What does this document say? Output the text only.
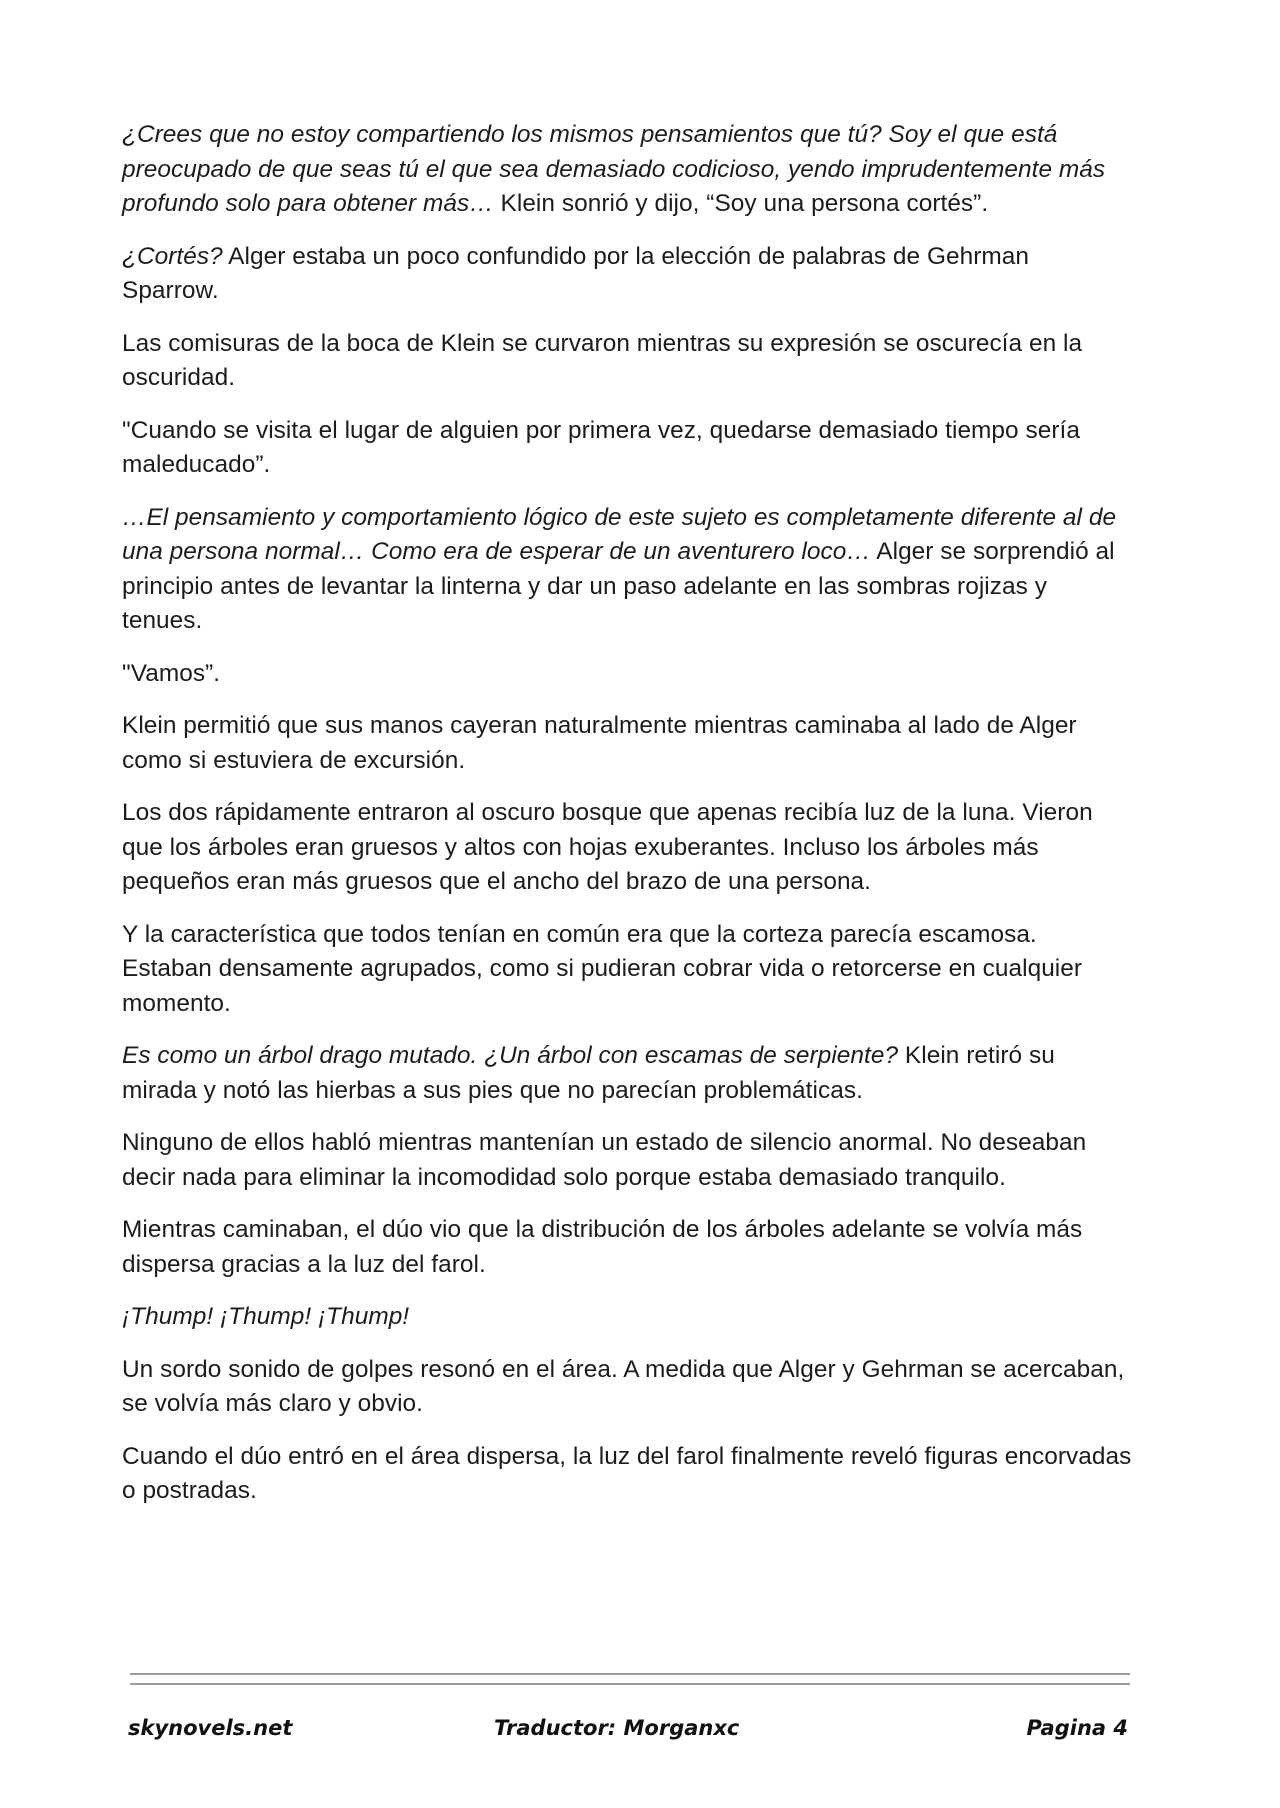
¿Crees que no estoy compartiendo los mismos pensamientos que tú? Soy el que está preocupado de que seas tú el que sea demasiado codicioso, yendo imprudentemente más profundo solo para obtener más… Klein sonrió y dijo, “Soy una persona cortés”.

¿Cortés? Alger estaba un poco confundido por la elección de palabras de Gehrman Sparrow.

Las comisuras de la boca de Klein se curvaron mientras su expresión se oscurecía en la oscuridad.

"Cuando se visita el lugar de alguien por primera vez, quedarse demasiado tiempo sería maleducado”.

…El pensamiento y comportamiento lógico de este sujeto es completamente diferente al de una persona normal… Como era de esperar de un aventurero loco… Alger se sorprendió al principio antes de levantar la linterna y dar un paso adelante en las sombras rojizas y tenues.

"Vamos”.

Klein permitió que sus manos cayeran naturalmente mientras caminaba al lado de Alger como si estuviera de excursión.

Los dos rápidamente entraron al oscuro bosque que apenas recibía luz de la luna. Vieron que los árboles eran gruesos y altos con hojas exuberantes. Incluso los árboles más pequeños eran más gruesos que el ancho del brazo de una persona.

Y la característica que todos tenían en común era que la corteza parecía escamosa. Estaban densamente agrupados, como si pudieran cobrar vida o retorcerse en cualquier momento.

Es como un árbol drago mutado. ¿Un árbol con escamas de serpiente? Klein retiró su mirada y notó las hierbas a sus pies que no parecían problemáticas.

Ninguno de ellos habló mientras mantenían un estado de silencio anormal. No deseaban decir nada para eliminar la incomodidad solo porque estaba demasiado tranquilo.

Mientras caminaban, el dúo vio que la distribución de los árboles adelante se volvía más dispersa gracias a la luz del farol.

¡Thump! ¡Thump! ¡Thump!

Un sordo sonido de golpes resonó en el área. A medida que Alger y Gehrman se acercaban, se volvía más claro y obvio.

Cuando el dúo entró en el área dispersa, la luz del farol finalmente reveló figuras encorvadas o postradas.

skynovels.net	Traductor: Morganxc	Pagina 4
